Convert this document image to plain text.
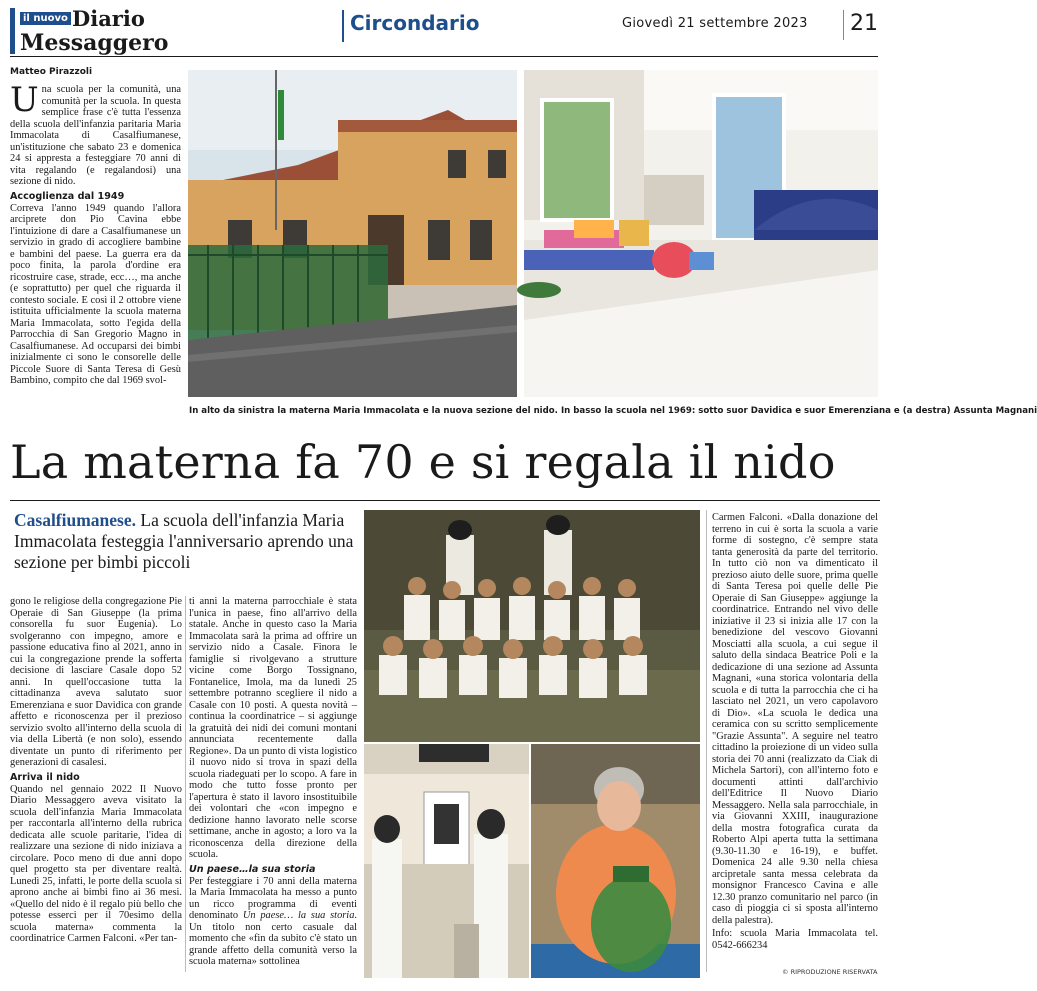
il nuovo Diario
Messaggero
Circondario	Giovedì 21 settembre 2023 21
Matteo Pirazzoli

Una scuola per la comunità, una comunità per la scuola. In questa semplice frase c'è tutta l'essenza della scuola dell'infanzia paritaria Maria Immacolata di Casalfiumanese, un'istituzione che sabato 23 e domenica 24 si appresta a festeggiare 70 anni di vita regalando (e regalandosi) una sezione di nido.

Accoglienza dal 1949

Correva l'anno 1949 quando l'allora arciprete don Pio Cavina ebbe l'intuizione di dare a Casalfiumanese un servizio in grado di accogliere bambine e bambini del paese. La guerra era da poco finita, la parola d'ordine era ricostruire case, strade, ecc…, ma anche (e soprattutto) per quel che riguarda il contesto sociale. E così il 2 ottobre viene istituita ufficialmente la scuola materna Maria Immacolata, sotto l'egida della Parrocchia di San Gregorio Magno in Casalfiumanese. Ad occuparsi dei bimbi inizialmente ci sono le consorelle delle Piccole Suore di Santa Teresa di Gesù Bambino, compito che dal 1969 svol-

In alto da sinistra la materna Maria Immacolata e la nuova sezione del nido. In basso la scuola nel 1969: sotto suor Davidica e suor Emerenziana e (a destra) Assunta Magnani
La materna fa 70 e si regala il nido
Casalfiumanese. La scuola dell'infanzia Maria Immacolata festeggia l'anniversario aprendo una sezione per bimbi piccoli

gono le religiose della congregazione Pie Operaie di San Giuseppe (la prima consorella fu suor Eugenia). Lo svolgeranno con impegno, amore e passione educativa fino al 2021, anno in cui la congregazione prende la sofferta decisione di lasciare Casale dopo 52 anni. In quell'occasione tutta la cittadinanza aveva salutato suor Emerenziana e suor Davidica con grande affetto e riconoscenza per il prezioso servizio svolto all'interno della scuola di via della Libertà (e non solo), essendo diventate un punto di riferimento per generazioni di casalesi.

Arriva il nido

Quando nel gennaio 2022 Il Nuovo Diario Messaggero aveva visitato la scuola dell'infanzia Maria Immacolata per raccontarla all'interno della rubrica dedicata alle scuole paritarie, l'idea di realizzare una sezione di nido iniziava a circolare. Poco meno di due anni dopo quel progetto sta per diventare realtà. Lunedì 25, infatti, le porte della scuola si aprono anche ai bimbi fino ai 36 mesi. «Quello del nido è il regalo più bello che potesse esserci per il 70esimo della scuola materna» commenta la coordinatrice Carmen Falconi. «Per tan-

ti anni la materna parrocchiale è stata l'unica in paese, fino all'arrivo della statale. Anche in questo caso la Maria Immacolata sarà la prima ad offrire un servizio nido a Casale. Finora le famiglie si rivolgevano a strutture vicine come Borgo Tossignano, Fontanelice, Imola, ma da lunedì 25 settembre potranno scegliere il nido a Casale con 10 posti. A questa novità – continua la coordinatrice – si aggiunge la gratuità dei nidi dei comuni montani annunciata recentemente dalla Regione». Da un punto di vista logistico il nuovo nido si trova in spazi della scuola riadeguati per lo scopo. A fare in modo che tutto fosse pronto per l'apertura è stato il lavoro insostituibile dei volontari che «con impegno e dedizione hanno lavorato nelle scorse settimane, anche in agosto; a loro va la riconoscenza della direzione della scuola.

Un paese…la sua storia

Per festeggiare i 70 anni della materna la Maria Immacolata ha messo a punto un ricco programma di eventi denominato Un paese… la sua storia. Un titolo non certo casuale dal momento che «fin da subito c'è stato un grande affetto della comunità verso la scuola materna» sottolinea

Carmen Falconi. «Dalla donazione del terreno in cui è sorta la scuola a varie forme di sostegno, c'è sempre stata tanta generosità da parte del territorio. In tutto ciò non va dimenticato il prezioso aiuto delle suore, prima quelle di Santa Teresa poi quelle delle Pie Operaie di San Giuseppe» aggiunge la coordinatrice. Entrando nel vivo delle iniziative il 23 si inizia alle 17 con la benedizione del vescovo Giovanni Mosciatti alla scuola, a cui segue il saluto della sindaca Beatrice Poli e la dedicazione di una sezione ad Assunta Magnani, «una storica volontaria della scuola e di tutta la parrocchia che ci ha lasciato nel 2021, un vero capolavoro di Dio». «La scuola le dedica una ceramica con su scritto semplicemente "Grazie Assunta". A seguire nel teatro cittadino la proiezione di un video sulla storia dei 70 anni (realizzato da Ciak di Michela Sartori), con all'interno foto e documenti attinti dall'archivio dell'Editrice Il Nuovo Diario Messaggero. Nella sala parrocchiale, in via Giovanni XXIII, inaugurazione della mostra fotografica curata da Roberto Alpi aperta tutta la settimana (9.30-11.30 e 16-19), e buffet. Domenica 24 alle 9.30 nella chiesa arcipretale santa messa celebrata da monsignor Francesco Cavina e alle 12.30 pranzo comunitario nel parco (in caso di pioggia ci si sposta all'interno della palestra).

Info: scuola Maria Immacolata tel. 0542-666234

© RIPRODUZIONE RISERVATA
